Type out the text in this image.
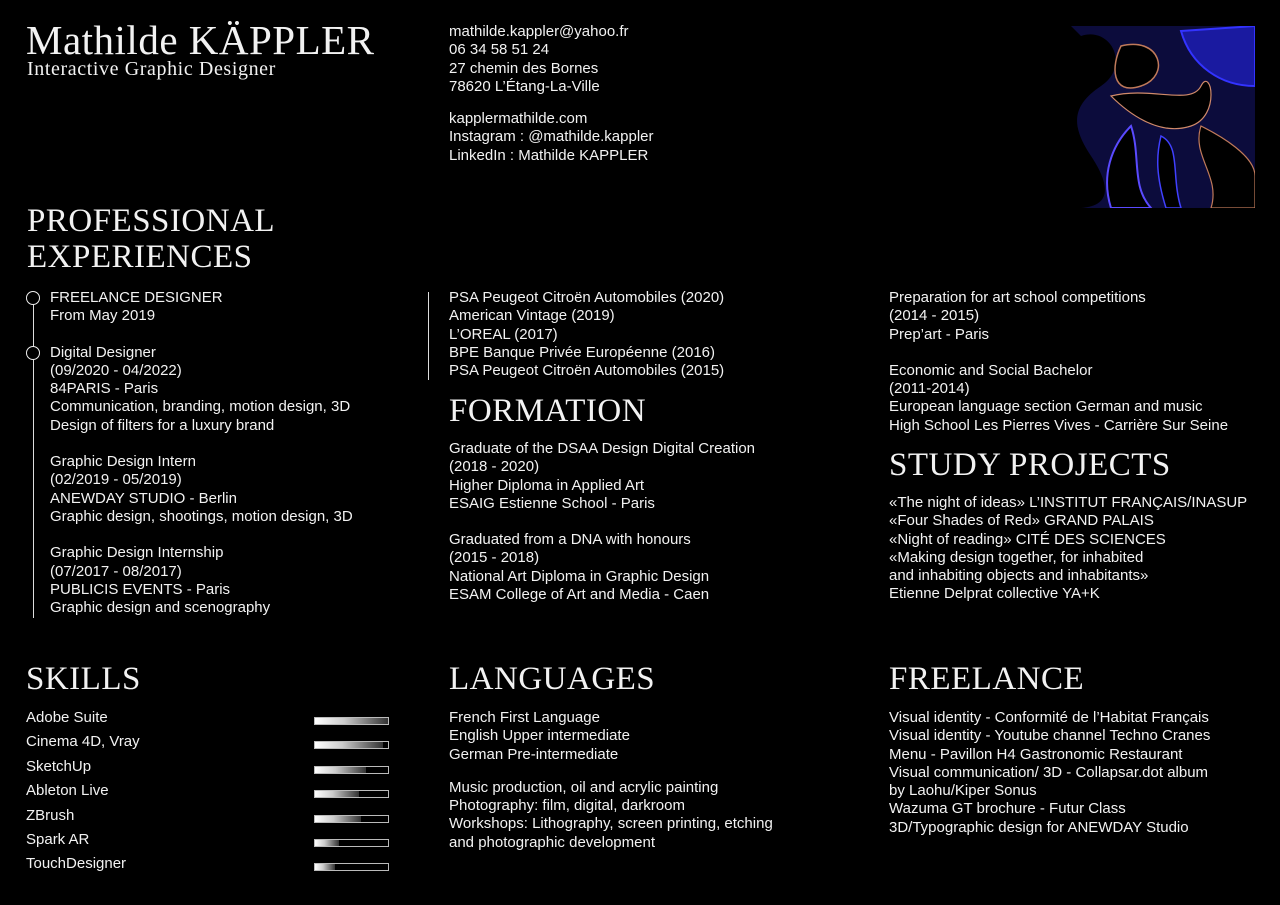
Mathilde KÄPPLER
Interactive Graphic Designer
mathilde.kappler@yahoo.fr
06 34 58 51 24
27 chemin des Bornes
78620 L’Étang-La-Ville
kapplermathilde.com
Instagram : @mathilde.kappler
LinkedIn : Mathilde KAPPLER
PROFESSIONAL
EXPERIENCES
FREELANCE DESIGNER
From May 2019
Digital Designer
(09/2020 - 04/2022)
84PARIS - Paris
Communication, branding, motion design, 3D
Design of filters for a luxury brand
Graphic Design Intern
(02/2019 - 05/2019)
ANEWDAY STUDIO - Berlin
Graphic design, shootings, motion design, 3D
Graphic Design Internship
(07/2017 - 08/2017)
PUBLICIS EVENTS - Paris
Graphic design and scenography
PSA Peugeot Citroën Automobiles (2020)
American Vintage (2019)
L’OREAL (2017)
BPE Banque Privée Européenne (2016)
PSA Peugeot Citroën Automobiles (2015)
FORMATION
Graduate of the DSAA Design Digital Creation
(2018 - 2020)
Higher Diploma in Applied Art
ESAIG Estienne School - Paris
Graduated from a DNA with honours
(2015 - 2018)
National Art Diploma in Graphic Design
ESAM College of Art and Media - Caen
Preparation for art school competitions
(2014 - 2015)
Prep’art - Paris
Economic and Social Bachelor
(2011-2014)
European language section German and music
High School Les Pierres Vives - Carrière Sur Seine
STUDY PROJECTS
«The night of ideas» L’INSTITUT FRANÇAIS/INASUP
«Four Shades of Red» GRAND PALAIS
«Night of reading» CITÉ DES SCIENCES
«Making design together, for inhabited
and inhabiting objects and inhabitants»
Etienne Delprat collective YA+K
SKILLS
Adobe Suite
Cinema 4D, Vray
SketchUp
Ableton Live
ZBrush
Spark AR
TouchDesigner
LANGUAGES
French First Language
English Upper intermediate
German Pre-intermediate
Music production, oil and acrylic painting
Photography: film, digital, darkroom
Workshops: Lithography, screen printing, etching
and photographic development
FREELANCE
Visual identity - Conformité de l’Habitat Français
Visual identity - Youtube channel Techno Cranes
Menu - Pavillon H4 Gastronomic Restaurant
Visual communication/ 3D - Collapsar.dot album
by Laohu/Kiper Sonus
Wazuma GT brochure - Futur Class
3D/Typographic design for ANEWDAY Studio
